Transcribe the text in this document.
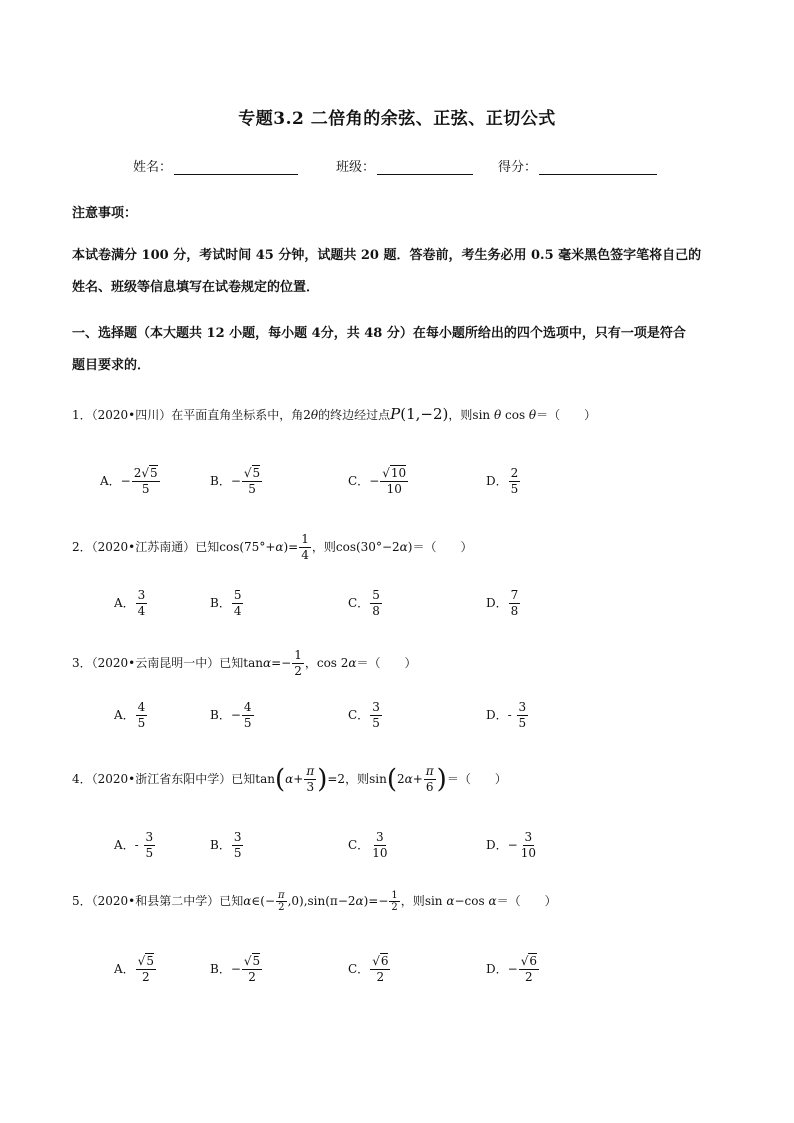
专题3.2 二倍角的余弦、正弦、正切公式
姓名：	班级：	得分：
注意事项：
本试卷满分 100 分，考试时间 45 分钟，试题共 20 题．答卷前，考生务必用 0.5 毫米黑色签字笔将自己的
姓名、班级等信息填写在试卷规定的位置．
一、选择题（本大题共 12 小题，每小题 4分，共 48 分）在每小题所给出的四个选项中，只有一项是符合
题目要求的．
1．（2020•四川）在平面直角坐标系中，角2θ的终边经过点P(1,−2)，则sin θ cos θ＝（　　）
A．− $\frac{2 √ 5}{5}$	B．− √ $\frac{5}{5}$	C．− √ $\frac{10}{10}$	D． $\frac{2}{5}$
2．（2020•江苏南通）已知$\cos(75^\circ+\alpha)= \frac{1}{4}$ ，则cos(30°−2α)＝（　　）
A． $\frac{3}{4}$	B． $\frac{5}{4}$	C． $\frac{5}{8}$	D． $\frac{7}{8}$
3．（2020•云南昆明一中）已知$\tan\alpha=- \frac{1}{2}$ ，cos 2α＝（　　）
A． $\frac{4}{5}$	B．− $\frac{4}{5}$	C． $\frac{3}{5}$	D．- $\frac{3}{5}$
4．（2020•浙江省东阳中学）已知$\tan(\alpha+ \frac{\pi}{3} )=2$，则$\sin(2\alpha+ \frac{\pi}{6}$ )＝（　　）
A．- $\frac{3}{5}$	B． $\frac{3}{5}$	C． $\frac{3}{10}$	D．− $\frac{3}{10}$
5．（2020•和县第二中学）已知α∈(− $\frac{\pi}{2} ,0),\sin(\pi-2\alpha)=- \frac{1}{2}$ ，则sin α−cos α＝（　　）
A． √ $\frac{5}{2}$	B．− √ $\frac{5}{2}$	C． √ $\frac{6}{2}$	D．− √ $\frac{6}{2}$
